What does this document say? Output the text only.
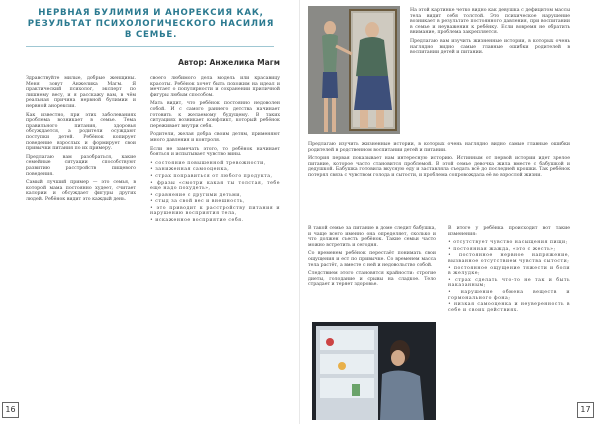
НЕРВНАЯ БУЛИМИЯ И АНОРЕКСИЯ КАК, РЕЗУЛЬТАТ ПСИХОЛОГИЧЕСКОГО НАСИЛИЯ В СЕМЬЕ.
Автор: Анжелика Магм

Здравствуйте милые, добрые женщины. Меня зовут Анжелика Магм. Я практический психолог, эксперт по лишнему весу, и я расскажу вам, в чём реальная причина нервной булимии и нервной анорексии.

Как известно, при этих заболеваниях проблема возникает в семье. Тема правильного питания, здоровья обсуждается, а родители осуждают поступки детей. Ребёнок копирует поведение взрослых и формирует свои привычки питания по их примеру.

Предлагаю вам разобраться, какие семейные ситуации способствуют развитию расстройств пищевого поведения.

Самый лучший пример — это семья, в которой мама постоянно худеет, считает калории и обсуждает фигуры других людей. Ребёнок видит это каждый день.

своего любимого дела модель или красавицу красоты. Ребёнок хочет быть похожим на идеал и мечтает о популярности и сохранении приличной фигуры любым способом.

Мать видит, что ребёнок постоянно недоволен собой. И с самого раннего детства начинает готовить к желаемому будущему. В таких ситуациях возникает конфликт, который ребёнок переживает внутри себя.

Родители, желая добра своим детям, применяют много давления и контроля.

Если не замечать этого, то ребёнок начинает бояться и испытывает чувство вины.

• состояние повышенной тревожности,
• заниженная самооценка,
• страх поправиться от любого продукта,
• фразы «смотри какая ты толстая, тебе еще надо похудеть»,
• сравнение с другими детьми,
• стыд за свой вес и внешность,
• это приводит к расстройству питания и нарушению восприятия тела,
• искаженное восприятие себя.
16

На этой картинке четко видно как девушка с дефицитом массы тела видит себя толстой. Это психическое нарушение возникает в результате постоянного давления, при воспитании в семье и неуважения к ребёнку. Если вовремя не обратить внимание, проблема закрепляется.

Предлагаю вам изучить жизненные истории, в которых очень наглядно видно самые главные ошибки родителей в воспитании детей и питании.

Предлагаю изучить жизненные истории, в которых очень наглядно видно самые главные ошибки родителей в родственном воспитании детей и питании.

История первая показывает нам интересную историю. Истинным от первой истории идет зрелое питание, которое часто становится проблемой. В этой семье девочка жила вместе с бабушкой и дедушкой. Бабушка готовила вкусную еду и заставляла съедать всё до последней крошки. Так ребёнок потерял связь с чувством голода и сытости, и проблема сопровождала её во взрослой жизни.

В такой семье за питание в доме следит бабушка, и чаще всего именно она определяет, сколько и что должен съесть ребёнок. Такие семьи часто можно встретить и сегодня.

Со временем ребёнок перестаёт понимать свои ощущения и ест по привычке. Со временем масса тела растёт, а вместе с ней и недовольство собой.

Следствием этого становятся крайности: строгие диеты, голодание и срывы на сладкое. Тело страдает и теряет здоровье.

В итоге у ребёнка происходит вот такие изменения:

• отсутствует чувство насыщения пищи;
• постоянная жажда, «это с жесть»;
• постоянное нервное напряжение, вызванное отсутствием чувства сытости;
• постоянное ощущение тяжести и боли в желудке;
• страх сделать что-то не так и быть наказанным;
• нарушение обмена веществ и гормонального фона;
• низкая самооценка и неуверенность в себе и своих действиях.
17
